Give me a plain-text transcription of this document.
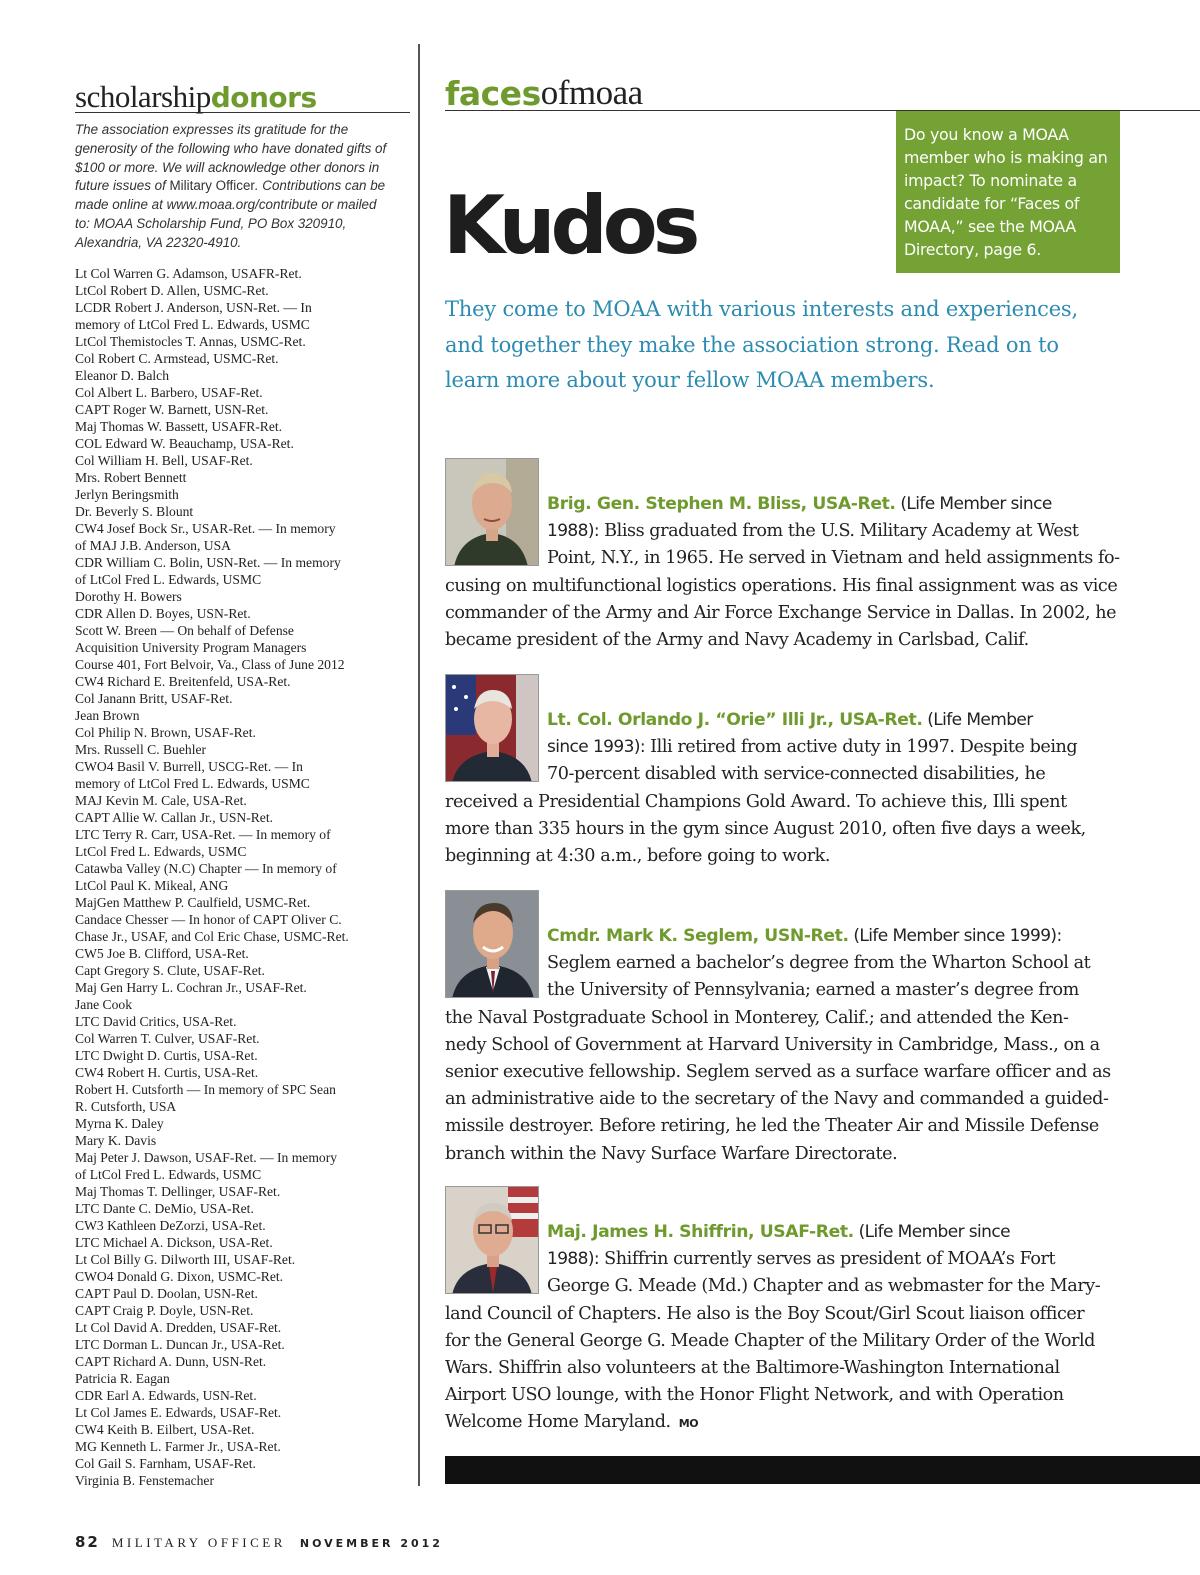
scholarship donors

The association expresses its gratitude for the generosity of the following who have donated gifts of $100 or more. We will acknowledge other donors in future issues of Military Officer. Contributions can be made online at www.moaa.org/contribute or mailed to: MOAA Scholarship Fund, PO Box 320910, Alexandria, VA 22320-4910.

Lt Col Warren G. Adamson, USAFR-Ret.
LtCol Robert D. Allen, USMC-Ret.
LCDR Robert J. Anderson, USN-Ret. — In
memory of LtCol Fred L. Edwards, USMC
LtCol Themistocles T. Annas, USMC-Ret.
Col Robert C. Armstead, USMC-Ret.
Eleanor D. Balch
Col Albert L. Barbero, USAF-Ret.
CAPT Roger W. Barnett, USN-Ret.
Maj Thomas W. Bassett, USAFR-Ret.
COL Edward W. Beauchamp, USA-Ret.
Col William H. Bell, USAF-Ret.
Mrs. Robert Bennett
Jerlyn Beringsmith
Dr. Beverly S. Blount
CW4 Josef Bock Sr., USAR-Ret. — In memory
of MAJ J.B. Anderson, USA
CDR William C. Bolin, USN-Ret. — In memory
of LtCol Fred L. Edwards, USMC
Dorothy H. Bowers
CDR Allen D. Boyes, USN-Ret.
Scott W. Breen — On behalf of Defense
Acquisition University Program Managers
Course 401, Fort Belvoir, Va., Class of June 2012
CW4 Richard E. Breitenfeld, USA-Ret.
Col Janann Britt, USAF-Ret.
Jean Brown
Col Philip N. Brown, USAF-Ret.
Mrs. Russell C. Buehler
CWO4 Basil V. Burrell, USCG-Ret. — In
memory of LtCol Fred L. Edwards, USMC
MAJ Kevin M. Cale, USA-Ret.
CAPT Allie W. Callan Jr., USN-Ret.
LTC Terry R. Carr, USA-Ret. — In memory of
LtCol Fred L. Edwards, USMC
Catawba Valley (N.C) Chapter — In memory of
LtCol Paul K. Mikeal, ANG
MajGen Matthew P. Caulfield, USMC-Ret.
Candace Chesser — In honor of CAPT Oliver C.
Chase Jr., USAF, and Col Eric Chase, USMC-Ret.
CW5 Joe B. Clifford, USA-Ret.
Capt Gregory S. Clute, USAF-Ret.
Maj Gen Harry L. Cochran Jr., USAF-Ret.
Jane Cook
LTC David Critics, USA-Ret.
Col Warren T. Culver, USAF-Ret.
LTC Dwight D. Curtis, USA-Ret.
CW4 Robert H. Curtis, USA-Ret.
Robert H. Cutsforth — In memory of SPC Sean
R. Cutsforth, USA
Myrna K. Daley
Mary K. Davis
Maj Peter J. Dawson, USAF-Ret. — In memory
of LtCol Fred L. Edwards, USMC
Maj Thomas T. Dellinger, USAF-Ret.
LTC Dante C. DeMio, USA-Ret.
CW3 Kathleen DeZorzi, USA-Ret.
LTC Michael A. Dickson, USA-Ret.
Lt Col Billy G. Dilworth III, USAF-Ret.
CWO4 Donald G. Dixon, USMC-Ret.
CAPT Paul D. Doolan, USN-Ret.
CAPT Craig P. Doyle, USN-Ret.
Lt Col David A. Dredden, USAF-Ret.
LTC Dorman L. Duncan Jr., USA-Ret.
CAPT Richard A. Dunn, USN-Ret.
Patricia R. Eagan
CDR Earl A. Edwards, USN-Ret.
Lt Col James E. Edwards, USAF-Ret.
CW4 Keith B. Eilbert, USA-Ret.
MG Kenneth L. Farmer Jr., USA-Ret.
Col Gail S. Farnham, USAF-Ret.
Virginia B. Fenstemacher
faces ofmoaa
Kudos
Do you know a MOAA member who is making an impact? To nominate a candidate for “Faces of MOAA,” see the MOAA Directory, page 6.
They come to MOAA with various interests and experiences,
and together they make the association strong. Read on to
learn more about your fellow MOAA members.

Brig. Gen. Stephen M. Bliss, USA-Ret. (Life Member since
1988): Bliss graduated from the U.S. Military Academy at West
Point, N.Y., in 1965. He served in Vietnam and held assignments fo-
cusing on multifunctional logistics operations. His final assignment was as vice
commander of the Army and Air Force Exchange Service in Dallas. In 2002, he
became president of the Army and Navy Academy in Carlsbad, Calif.

Lt. Col. Orlando J. “Orie” Illi Jr., USA-Ret. (Life Member
since 1993): Illi retired from active duty in 1997. Despite being
70-percent disabled with service-connected disabilities, he
received a Presidential Champions Gold Award. To achieve this, Illi spent
more than 335 hours in the gym since August 2010, often five days a week,
beginning at 4:30 a.m., before going to work.

Cmdr. Mark K. Seglem, USN-Ret. (Life Member since 1999):
Seglem earned a bachelor’s degree from the Wharton School at
the University of Pennsylvania; earned a master’s degree from
the Naval Postgraduate School in Monterey, Calif.; and attended the Ken-
nedy School of Government at Harvard University in Cambridge, Mass., on a
senior executive fellowship. Seglem served as a surface warfare officer and as
an administrative aide to the secretary of the Navy and commanded a guided-
missile destroyer. Before retiring, he led the Theater Air and Missile Defense
branch within the Navy Surface Warfare Directorate.

Maj. James H. Shiffrin, USAF-Ret. (Life Member since
1988): Shiffrin currently serves as president of MOAA’s Fort
George G. Meade (Md.) Chapter and as webmaster for the Mary-
land Council of Chapters. He also is the Boy Scout/Girl Scout liaison officer
for the General George G. Meade Chapter of the Military Order of the World
Wars. Shiffrin also volunteers at the Baltimore-Washington International
Airport USO lounge, with the Honor Flight Network, and with Operation
Welcome Home Maryland. MO

82 MILITARY OFFICER NOVEMBER 2012
